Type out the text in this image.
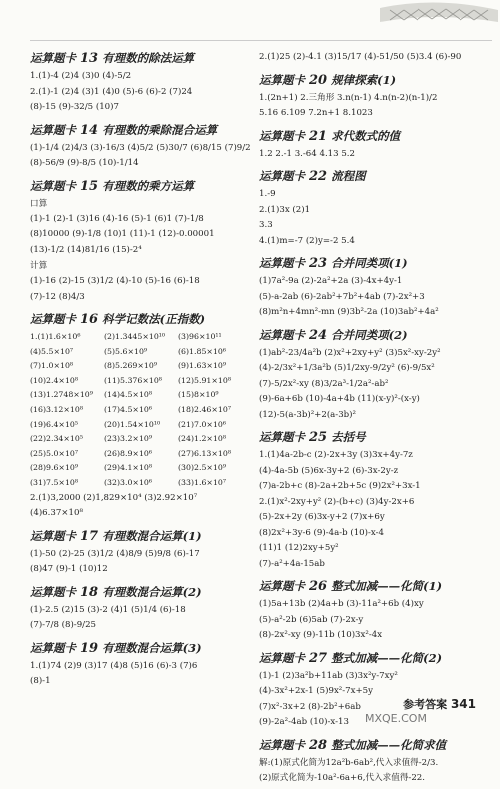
运算题卡 13 有理数的除法运算
1.(1)-4 (2)4 (3)0 (4)-5/2
2.(1)-1 (2)4 (3)1 (4)0 (5)-6 (6)-2 (7)24
(8)-15 (9)-32/5 (10)7
运算题卡 14 有理数的乘除混合运算
(1)-1/4 (2)4/3 (3)-16/3 (4)5/2 (5)30/7 (6)8/15 (7)9/2
(8)-56/9 (9)-8/5 (10)-1/14
运算题卡 15 有理数的乘方运算
口算
(1)-1 (2)-1 (3)16 (4)-16 (5)-1 (6)1 (7)-1/8
(8)10000 (9)-1/8 (10)1 (11)-1 (12)-0.00001
(13)-1/2 (14)81/16 (15)-2⁴
计算
(1)-16 (2)-15 (3)1/2 (4)-10 (5)-16 (6)-18
(7)-12 (8)4/3
运算题卡 16 科学记数法(正指数)
1.(1)1.6×10⁶	(2)1.3445×10¹⁰	(3)96×10¹¹
(4)5.5×10⁷	(5)5.6×10⁹	(6)1.85×10⁶
(7)1.0×10⁸	(8)5.269×10⁹	(9)1.63×10⁹
(10)2.4×10⁸	(11)5.376×10⁸	(12)5.91×10⁸
(13)1.2748×10⁹	(14)4.5×10⁸	(15)8×10⁹
(16)3.12×10⁸	(17)4.5×10⁶	(18)2.46×10⁷
(19)6.4×10⁵	(20)1.54×10¹⁰	(21)7.0×10⁶
(22)2.34×10⁵	(23)3.2×10⁹	(24)1.2×10⁸
(25)5.0×10⁷	(26)8.9×10⁶	(27)6.13×10⁸
(28)9.6×10⁹	(29)4.1×10⁸	(30)2.5×10⁹
(31)7.5×10⁸	(32)3.0×10⁶	(33)1.6×10⁷
2.(1)3,2000 (2)1,829×10⁴ (3)2.92×10⁷
(4)6.37×10⁸
运算题卡 17 有理数混合运算(1)
(1)-50 (2)-25 (3)1/2 (4)8/9 (5)9/8 (6)-17
(8)47 (9)-1 (10)12
运算题卡 18 有理数混合运算(2)
(1)-2.5 (2)15 (3)-2 (4)1 (5)1/4 (6)-18
(7)-7/8 (8)-9/25
运算题卡 19 有理数混合运算(3)
1.(1)74 (2)9 (3)17 (4)8 (5)16 (6)-3 (7)6
(8)-1
2.(1)25 (2)-4.1 (3)15/17 (4)-51/50 (5)3.4 (6)-90
运算题卡 20 规律探索(1)
1.(2n+1) 2.三角形 3.n(n-1) 4.n(n-2)(n-1)/2
5.16 6.109 7.2n+1 8.1023
运算题卡 21 求代数式的值
1.2 2.-1 3.-64 4.13 5.2
运算题卡 22 流程图
1.-9
2.(1)3x (2)1
3.3
4.(1)m=-7 (2)y=-2 5.4
运算题卡 23 合并同类项(1)
(1)7a²-9a (2)-2a²+2a (3)-4x+4y-1
(5)-a-2ab (6)-2ab²+7b²+4ab (7)-2x²+3
(8)m²n+4mn²-mn (9)3b²-2a (10)3ab²+4a²
运算题卡 24 合并同类项(2)
(1)ab²-23/4a²b (2)x²+2xy+y² (3)5x²-xy-2y²
(4)-2/3x²+1/3a²b (5)1/2xy-9/2y² (6)-9/5x²
(7)-5/2x²-xy (8)3/2a³-1/2a²-ab²
(9)-6a+6b (10)-4a+4b (11)(x-y)²-(x-y)
(12)-5(a-3b)²+2(a-3b)²
运算题卡 25 去括号
1.(1)4a-2b-c (2)-2x+3y (3)3x+4y-7z
(4)-4a-5b (5)6x-3y+2 (6)-3x-2y-z
(7)a-2b+c (8)-2a+2b+5c (9)2x²+3x-1
2.(1)x²-2xy+y² (2)-(b+c) (3)4y-2x+6
(5)-2x+2y (6)3x-y+2 (7)x+6y
(8)2x²+3y-6 (9)-4a-b (10)-x-4
(11)1 (12)2xy+5y²
(7)-a²+4a-15ab
运算题卡 26 整式加减——化简(1)
(1)5a+13b (2)4a+b (3)-11a²+6b (4)xy
(5)-a²-2b (6)5ab (7)-2x-y
(8)-2x²-xy (9)-11b (10)3x²-4x
运算题卡 27 整式加减——化简(2)
(1)-1 (2)3a²b+11ab (3)3x²y-7xy²
(4)-3x²+2x-1 (5)9x²-7x+5y
(7)x²-3x+2 (8)-2b²+6ab
(9)-2a²-4ab (10)-x-13
运算题卡 28 整式加减——化简求值
解:(1)原式化简为12a²b-6ab²,代入求值得-2/3.
(2)原式化简为-10a²-6a+6,代入求值得-22.
参考答案 341
MXQE.COM
